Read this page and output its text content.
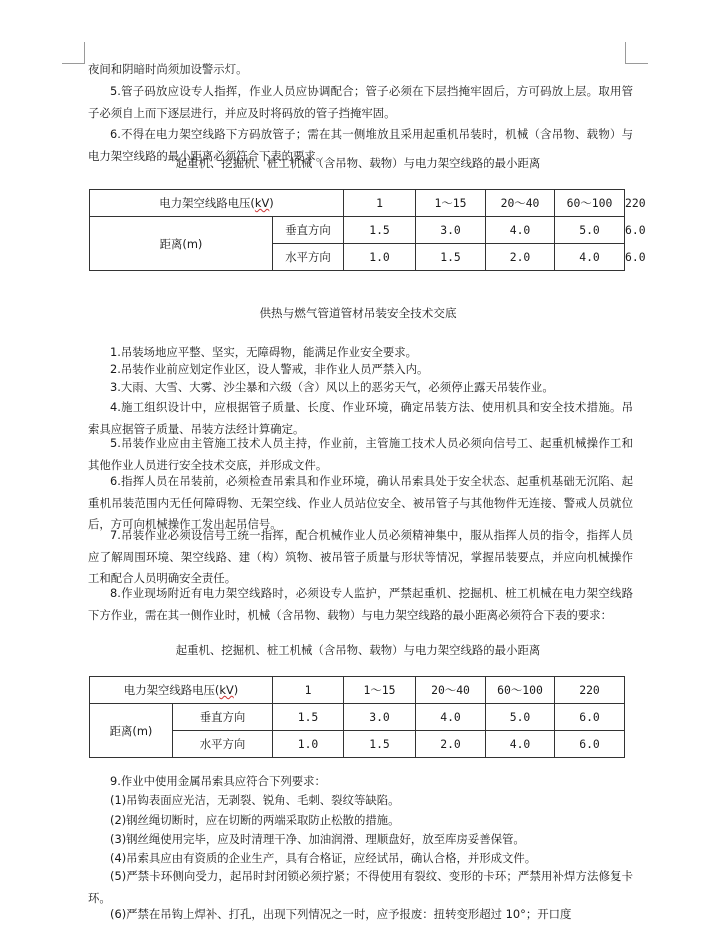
夜间和阴暗时尚须加设警示灯。

5.管子码放应设专人指挥，作业人员应协调配合；管子必须在下层挡掩牢固后，方可码放上层。取用管子必须自上而下逐层进行，并应及时将码放的管子挡掩牢固。

6.不得在电力架空线路下方码放管子；需在其一侧堆放且采用起重机吊装时，机械（含吊物、载物）与电力架空线路的最小距离必须符合下表的要求。

起重机、挖掘机、桩工机械（含吊物、载物）与电力架空线路的最小距离

电力架空线路电压(kV)		1	1～15	20～40	60～100	220
距离(m)	垂直方向	1.5	3.0	4.0	5.0	6.0
	水平方向	1.0	1.5	2.0	4.0	6.0

供热与燃气管道管材吊装安全技术交底

1.吊装场地应平整、坚实，无障碍物，能满足作业安全要求。

2.吊装作业前应划定作业区，设人警戒，非作业人员严禁入内。

3.大雨、大雪、大雾、沙尘暴和六级（含）风以上的恶劣天气，必须停止露天吊装作业。

4.施工组织设计中，应根据管子质量、长度、作业环境，确定吊装方法、使用机具和安全技术措施。吊索具应据管子质量、吊装方法经计算确定。

5.吊装作业应由主管施工技术人员主持，作业前，主管施工技术人员必须向信号工、起重机械操作工和其他作业人员进行安全技术交底，并形成文件。

6.指挥人员在吊装前，必须检查吊索具和作业环境，确认吊索具处于安全状态、起重机基础无沉陷、起重机吊装范围内无任何障碍物、无架空线、作业人员站位安全、被吊管子与其他物件无连接、警戒人员就位后，方可向机械操作工发出起吊信号。

7.吊装作业必须设信号工统一指挥，配合机械作业人员必须精神集中，服从指挥人员的指令，指挥人员应了解周围环境、架空线路、建（构）筑物、被吊管子质量与形状等情况，掌握吊装要点，并应向机械操作工和配合人员明确安全责任。

8.作业现场附近有电力架空线路时，必须设专人监护，严禁起重机、挖掘机、桩工机械在电力架空线路下方作业，需在其一侧作业时，机械（含吊物、载物）与电力架空线路的最小距离必须符合下表的要求：

起重机、挖掘机、桩工机械（含吊物、载物）与电力架空线路的最小距离

电力架空线路电压(kV)		1	1～15	20～40	60～100	220
距离(m)	垂直方向	1.5	3.0	4.0	5.0	6.0
	水平方向	1.0	1.5	2.0	4.0	6.0

9.作业中使用金属吊索具应符合下列要求：

(1)吊钩表面应光洁，无剥裂、锐角、毛刺、裂纹等缺陷。

(2)钢丝绳切断时，应在切断的两端采取防止松散的措施。

(3)钢丝绳使用完毕，应及时清理干净、加油润滑、理顺盘好，放至库房妥善保管。

(4)吊索具应由有资质的企业生产，具有合格证，应经试吊，确认合格，并形成文件。

(5)严禁卡环侧向受力，起吊时封闭锁必须拧紧；不得使用有裂纹、变形的卡环；严禁用补焊方法修复卡环。

(6)严禁在吊钩上焊补、打孔，出现下列情况之一时，应予报废：扭转变形超过 10°；开口度
